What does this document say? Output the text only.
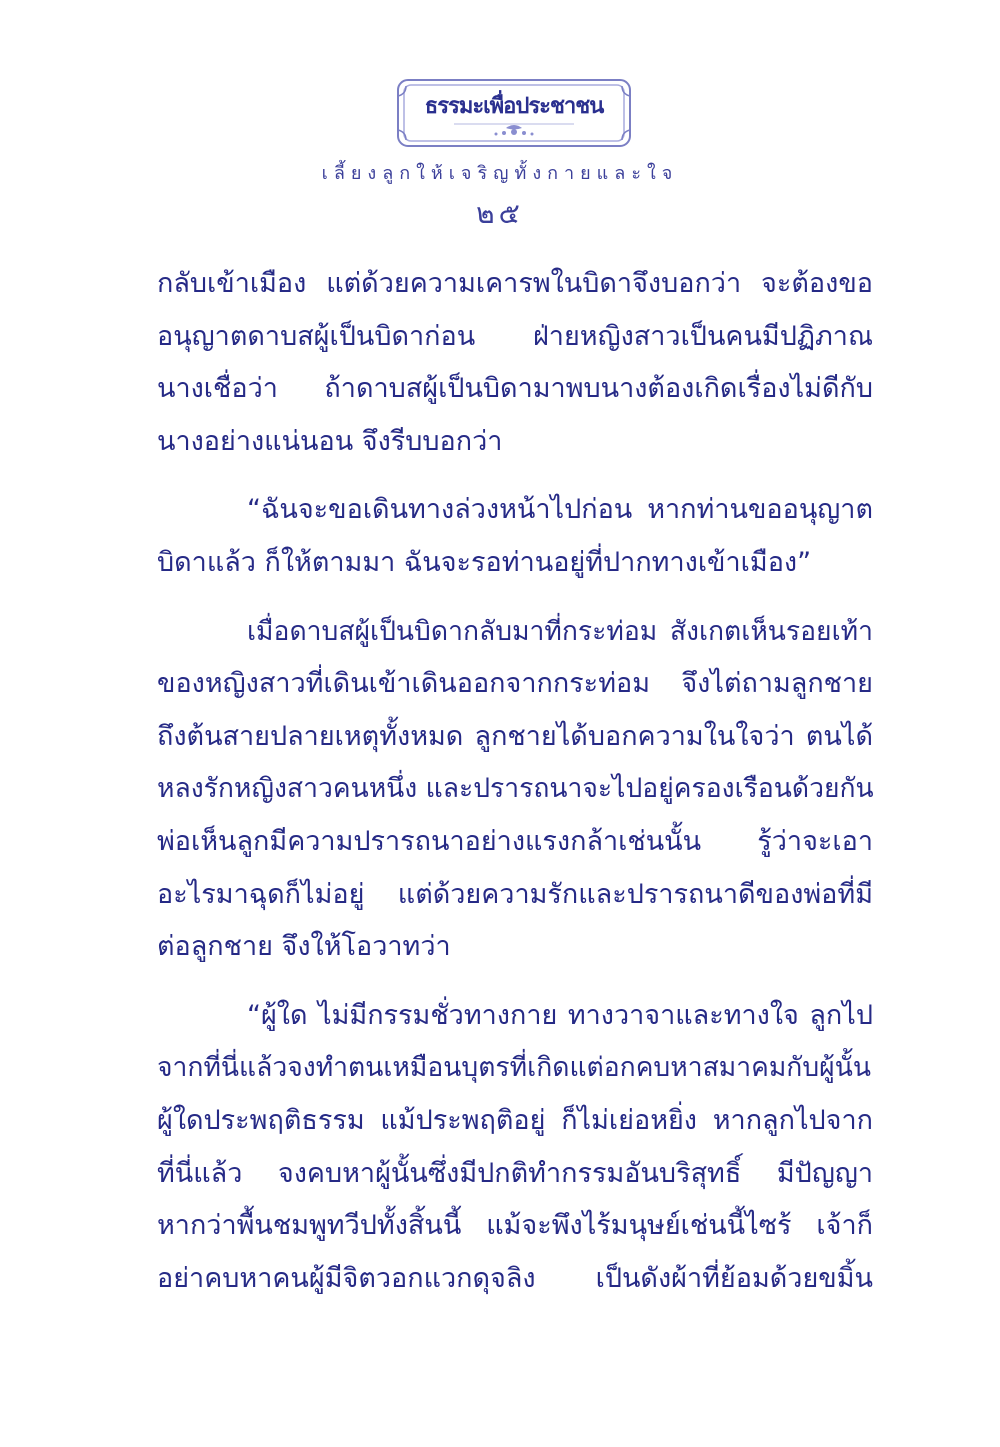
ธรรมะเพื่อประชาชน
เลี้ยงลูกให้เจริญทั้งกายและใจ
๒๕
กลับเข้าเมือง แต่ด้วยความเคารพในบิดาจึงบอกว่า จะต้องขอ
อนุญาตดาบสผู้เป็นบิดาก่อน ฝ่ายหญิงสาวเป็นคนมีปฏิภาณ
นางเชื่อว่า ถ้าดาบสผู้เป็นบิดามาพบนางต้องเกิดเรื่องไม่ดีกับ
นางอย่างแน่นอน จึงรีบบอกว่า
“ฉันจะขอเดินทางล่วงหน้าไปก่อน หากท่านขออนุญาต
บิดาแล้ว ก็ให้ตามมา ฉันจะรอท่านอยู่ที่ปากทางเข้าเมือง”
เมื่อดาบสผู้เป็นบิดากลับมาที่กระท่อม สังเกตเห็นรอยเท้า
ของหญิงสาวที่เดินเข้าเดินออกจากกระท่อม จึงไต่ถามลูกชาย
ถึงต้นสายปลายเหตุทั้งหมด ลูกชายได้บอกความในใจว่า ตนได้
หลงรักหญิงสาวคนหนึ่ง และปรารถนาจะไปอยู่ครองเรือนด้วยกัน
พ่อเห็นลูกมีความปรารถนาอย่างแรงกล้าเช่นนั้น รู้ว่าจะเอา
อะไรมาฉุดก็ไม่อยู่ แต่ด้วยความรักและปรารถนาดีของพ่อที่มี
ต่อลูกชาย จึงให้โอวาทว่า
“ผู้ใด ไม่มีกรรมชั่วทางกาย ทางวาจาและทางใจ ลูกไป
จากที่นี่แล้วจงทำตนเหมือนบุตรที่เกิดแต่อกคบหาสมาคมกับผู้นั้น
ผู้ใดประพฤติธรรม แม้ประพฤติอยู่ ก็ไม่เย่อหยิ่ง หากลูกไปจาก
ที่นี่แล้ว จงคบหาผู้นั้นซึ่งมีปกติทำกรรมอันบริสุทธิ์ มีปัญญา
หากว่าพื้นชมพูทวีปทั้งสิ้นนี้ แม้จะพึงไร้มนุษย์เช่นนี้ไซร้ เจ้าก็
อย่าคบหาคนผู้มีจิตวอกแวกดุจลิง เป็นดังผ้าที่ย้อมด้วยขมิ้น
